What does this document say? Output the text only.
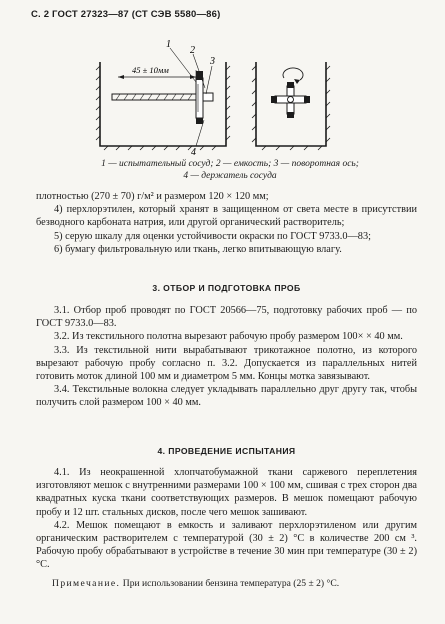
С. 2 ГОСТ 27323—87 (СТ СЭВ 5580—86)
45 ± 10мм
1
2
3
4
1 — испытательный сосуд; 2 — емкость; 3 — поворотная ось;
4 — держатель сосуда
плотностью (270 ± 70) г/м² и размером 120 × 120 мм;
4) перхлорэтилен, который хранят в защищенном от света месте в присутствии безводного карбоната натрия, или другой органический растворитель;
5) серую шкалу для оценки устойчивости окраски по ГОСТ 9733.0—83;
6) бумагу фильтровальную или ткань, легко впитывающую влагу.
3. ОТБОР И ПОДГОТОВКА ПРОБ
3.1. Отбор проб проводят по ГОСТ 20566—75, подготовку рабочих проб — по ГОСТ 9733.0—83.
3.2. Из текстильного полотна вырезают рабочую пробу размером 100× × 40 мм.
3.3. Из текстильной нити вырабатывают трикотажное полотно, из которого вырезают рабочую пробу согласно п. 3.2. Допускается из параллельных нитей готовить моток длиной 100 мм и диаметром 5 мм. Концы мотка завязывают.
3.4. Текстильные волокна следует укладывать параллельно друг другу так, чтобы получить слой размером 100 × 40 мм.
4. ПРОВЕДЕНИЕ ИСПЫТАНИЯ
4.1. Из неокрашенной хлопчатобумажной ткани саржевого переплетения изготовляют мешок с внутренними размерами 100 × 100 мм, сшивая с трех сторон два квадратных куска ткани соответствующих размеров. В мешок помещают рабочую пробу и 12 шт. стальных дисков, после чего мешок зашивают.
4.2. Мешок помещают в емкость и заливают перхлорэтиленом или другим органическим растворителем с температурой (30 ± 2) °С в количестве 200 см ³. Рабочую пробу обрабатывают в устройстве в течение 30 мин при температуре (30 ± 2) °С.
Примечание. При использовании бензина температура (25 ± 2) °С.
